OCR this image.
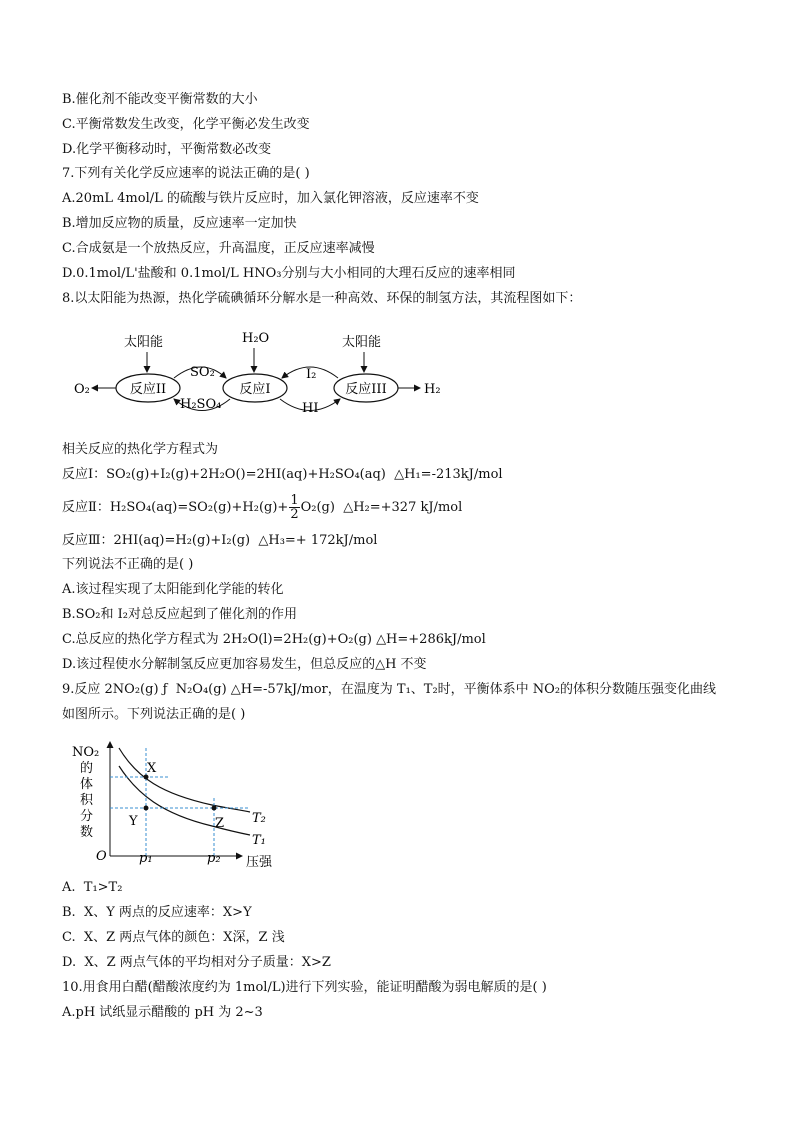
B.催化剂不能改变平衡常数的大小
C.平衡常数发生改变，化学平衡必发生改变
D.化学平衡移动时，平衡常数必改变
7.下列有关化学反应速率的说法正确的是( )
A.20mL 4mol/L 的硫酸与铁片反应时，加入氯化钾溶液，反应速率不变
B.增加反应物的质量，反应速率一定加快
C.合成氨是一个放热反应，升高温度，正反应速率减慢
D.0.1mol/L'盐酸和 0.1mol/L HNO₃分别与大小相同的大理石反应的速率相同
8.以太阳能为热源，热化学硫碘循环分解水是一种高效、环保的制氢方法，其流程图如下：
太阳能	H₂O	太阳能
反应II	反应I	反应III
O₂	H₂
SO₂
H₂SO₄
I₂
HI
相关反应的热化学方程式为
反应Ⅰ：SO₂(g)+I₂(g)+2H₂O()=2HI(aq)+H₂SO₄(aq)  △H₁=-213kJ/mol
反应Ⅱ：$H_2SO_4(aq)=SO_2(g)+H_2(g)+ \frac{1}{2} O_2(g)$  △H₂=+327 kJ/mol
反应Ⅲ：2HI(aq)=H₂(g)+I₂(g)  △H₃=+ 172kJ/mol
下列说法不正确的是( )
A.该过程实现了太阳能到化学能的转化
B.SO₂和 I₂对总反应起到了催化剂的作用
C.总反应的热化学方程式为 2H₂O(l)=2H₂(g)+O₂(g) △H=+286kJ/mol
D.该过程使水分解制氢反应更加容易发生，但总反应的△H 不变
9.反应 2NO₂(g) ƒ  N₂O₄(g) △H=-57kJ/mor，在温度为 T₁、T₂时，平衡体系中 NO₂的体积分数随压强变化曲线
如图所示。下列说法正确的是( )
NO₂
的
体
积
分
数
O
X
Y	Z T₂
T₁
p₁	p₂ 压强
A.  T₁>T₂
B.  X、Y 两点的反应速率：X>Y
C.  X、Z 两点气体的颜色：X深，Z 浅
D.  X、Z 两点气体的平均相对分子质量：X>Z
10.用食用白醋(醋酸浓度约为 1mol/L)进行下列实验，能证明醋酸为弱电解质的是( )
A.pH 试纸显示醋酸的 pH 为 2~3
